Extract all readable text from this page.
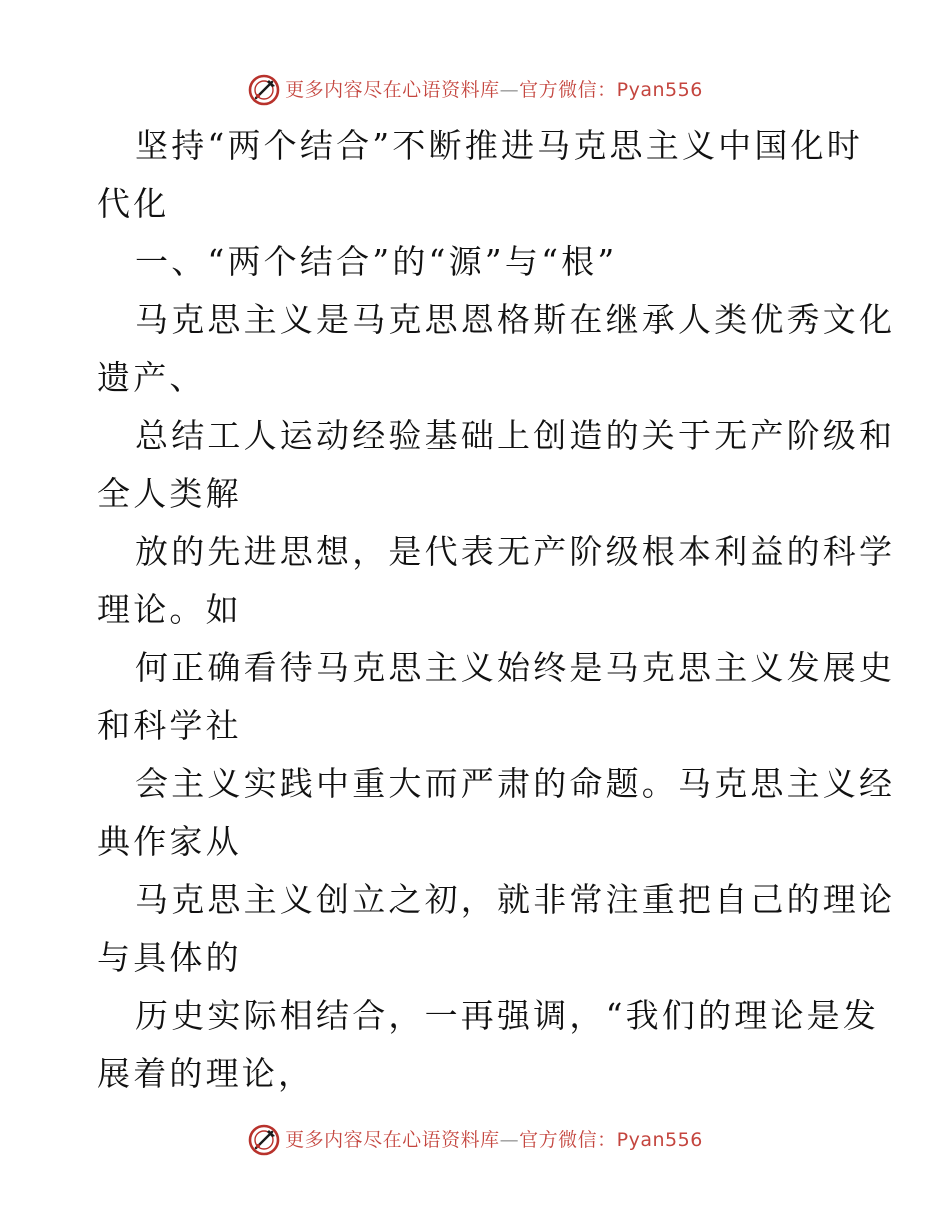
更多内容尽在心语资料库—官方微信：Pyan556
坚持“两个结合”不断推进马克思主义中国化时
代化
一、“两个结合”的“源”与“根”
马克思主义是马克思恩格斯在继承人类优秀文化
遗产、
总结工人运动经验基础上创造的关于无产阶级和
全人类解
放的先进思想，是代表无产阶级根本利益的科学
理论。如
何正确看待马克思主义始终是马克思主义发展史
和科学社
会主义实践中重大而严肃的命题。马克思主义经
典作家从
马克思主义创立之初，就非常注重把自己的理论
与具体的
历史实际相结合，一再强调，“我们的理论是发
展着的理论，
更多内容尽在心语资料库—官方微信：Pyan556
